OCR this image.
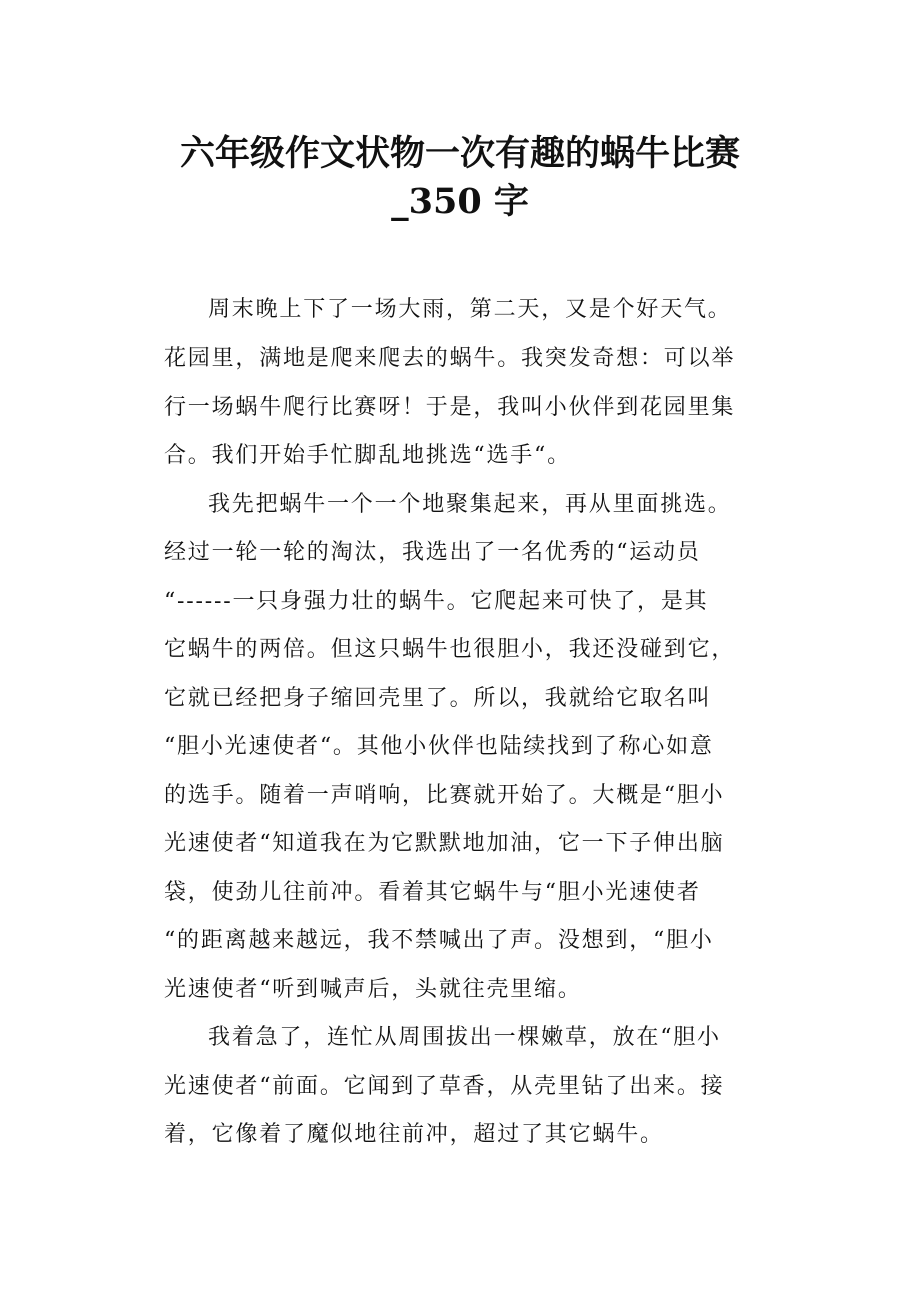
六年级作文状物一次有趣的蜗牛比赛
_350 字
周末晚上下了一场大雨，第二天，又是个好天气。
花园里，满地是爬来爬去的蜗牛。我突发奇想：可以举
行一场蜗牛爬行比赛呀！于是，我叫小伙伴到花园里集
合。我们开始手忙脚乱地挑选“选手“。
我先把蜗牛一个一个地聚集起来，再从里面挑选。
经过一轮一轮的淘汰，我选出了一名优秀的“运动员
“------一只身强力壮的蜗牛。它爬起来可快了，是其
它蜗牛的两倍。但这只蜗牛也很胆小，我还没碰到它，
它就已经把身子缩回壳里了。所以，我就给它取名叫
“胆小光速使者“。其他小伙伴也陆续找到了称心如意
的选手。随着一声哨响，比赛就开始了。大概是“胆小
光速使者“知道我在为它默默地加油，它一下子伸出脑
袋，使劲儿往前冲。看着其它蜗牛与“胆小光速使者
“的距离越来越远，我不禁喊出了声。没想到，“胆小
光速使者“听到喊声后，头就往壳里缩。
我着急了，连忙从周围拔出一棵嫩草，放在“胆小
光速使者“前面。它闻到了草香，从壳里钻了出来。接
着，它像着了魔似地往前冲，超过了其它蜗牛。
